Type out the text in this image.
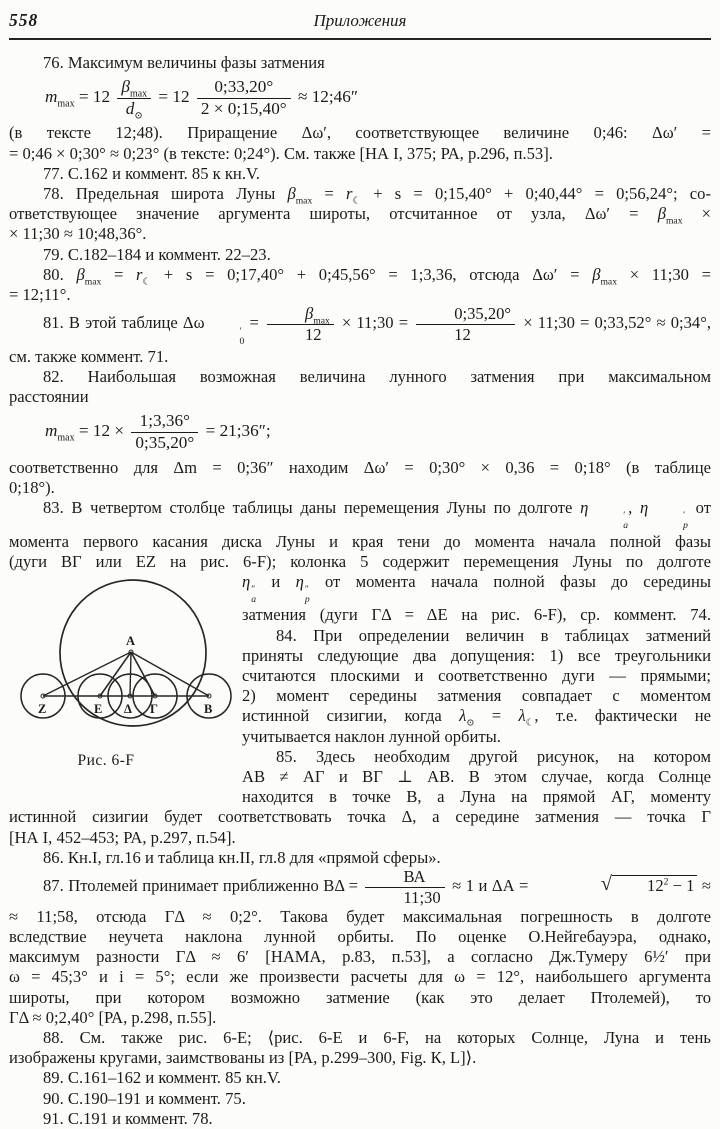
558	Приложения
76. Максимум величины фазы затмения
$m_{max} = 12 \frac{\beta_{max}}{d_⊙} = 12 \frac{0;33,20^\circ}{2 \times 0;15,40^\circ}$ ≈ 12;46″
(в тексте 12;48). Приращение Δω′, соответствующее величине 0;46: Δω′ =
= 0;46 × 0;30° ≈ 0;23° (в тексте: 0;24°). См. также [НА I, 375; РА, р.296, п.53].
77. С.162 и коммент. 85 к кн.V.
78. Предельная широта Луны $\beta_{max} = r_☾ + s$ = 0;15,40° + 0;40,44° = 0;56,24°; со-
ответствующее значение аргумента широты, отсчитанное от узла, $\Delta\omega' = \beta_{max}$ ×
× 11;30 ≈ 10;48,36°.
79. С.182–184 и коммент. 22–23.
80. $\beta_{max} = r_☾ + s$ = 0;17,40° + 0;45,56° = 1;3,36, отсюда $\Delta\omega' = \beta_{max}$ × 11;30 =
= 12;11°.
81. В этой таблице Δω	′
0
= $\frac{\beta_{max}}{12}$ × 11;30 = $\frac{0;35,20^\circ}{12}$ × 11;30 = 0;33,52° ≈ 0;34°,
см. также коммент. 71.
82. Наибольшая возможная величина лунного затмения при максимальном
расстоянии
$m_{max} = 12 \times \frac{1;3,36^\circ}{0;35,20^\circ}$ = 21;36″;
соответственно для Δm = 0;36″ находим Δω′ = 0;30° × 0,36 = 0;18° (в таблице
0;18°).
83. В четвертом столбце таблицы даны перемещения Луны по долготе η	′
a
, η	′
p
от
момента первого касания диска Луны и края тени до момента начала полной фазы
(дуги ВГ или EZ на рис. 6-F); колонка 5 содержит перемещения Луны по долготе
A
Z	E Δ Г	В
Рис. 6-F
η ″
a
и η ″
p
от момента начала полной фазы до середины
затмения (дуги ГΔ = ΔЕ на рис. 6-F), ср. коммент. 74.
84. При определении величин в таблицах затмений
приняты следующие два допущения: 1) все треугольники
считаются плоскими и соответственно дуги — прямыми;
2) момент середины затмения совпадает с моментом
истинной сизигии, когда $\lambda_⊙ = \lambda_☾$, т.е. фактически не
учитывается наклон лунной орбиты.
85. Здесь необходим другой рисунок, на котором
АВ ≠ АГ и ВГ ⊥ АВ. В этом случае, когда Солнце
находится в точке В, а Луна на прямой АГ, моменту
истинной сизигии будет соответствовать точка Δ, а середине затмения — точка Г
[НА I, 452–453; РА, р.297, п.54].
86. Кн.I, гл.16 и таблица кн.II, гл.8 для «прямой сферы».
87. Птолемей принимает приближенно $В\Delta = \frac{ВА}{11;30} \approx 1$ и ΔА =	√ $12^2 - 1$ ≈
≈ 11;58, отсюда ГΔ ≈ 0;2°. Такова будет максимальная погрешность в долготе
вследствие неучета наклона лунной орбиты. По оценке О.Нейгебауэра, однако,
максимум разности ГΔ ≈ 6′ [НАМА, р.83, п.53], а согласно Дж.Тумеру 6½′ при
ω = 45;3° и i = 5°; если же произвести расчеты для ω = 12°, наибольшего аргумента
широты, при котором возможно затмение (как это делает Птолемей), то
ГΔ ≈ 0;2,40° [РА, р.298, п.55].
88. См. также рис. 6-Е; ⟨рис. 6-Е и 6-F, на которых Солнце, Луна и тень
изображены кругами, заимствованы из [РА, р.299–300, Fig. К, L]⟩.
89. С.161–162 и коммент. 85 кн.V.
90. С.190–191 и коммент. 75.
91. С.191 и коммент. 78.
